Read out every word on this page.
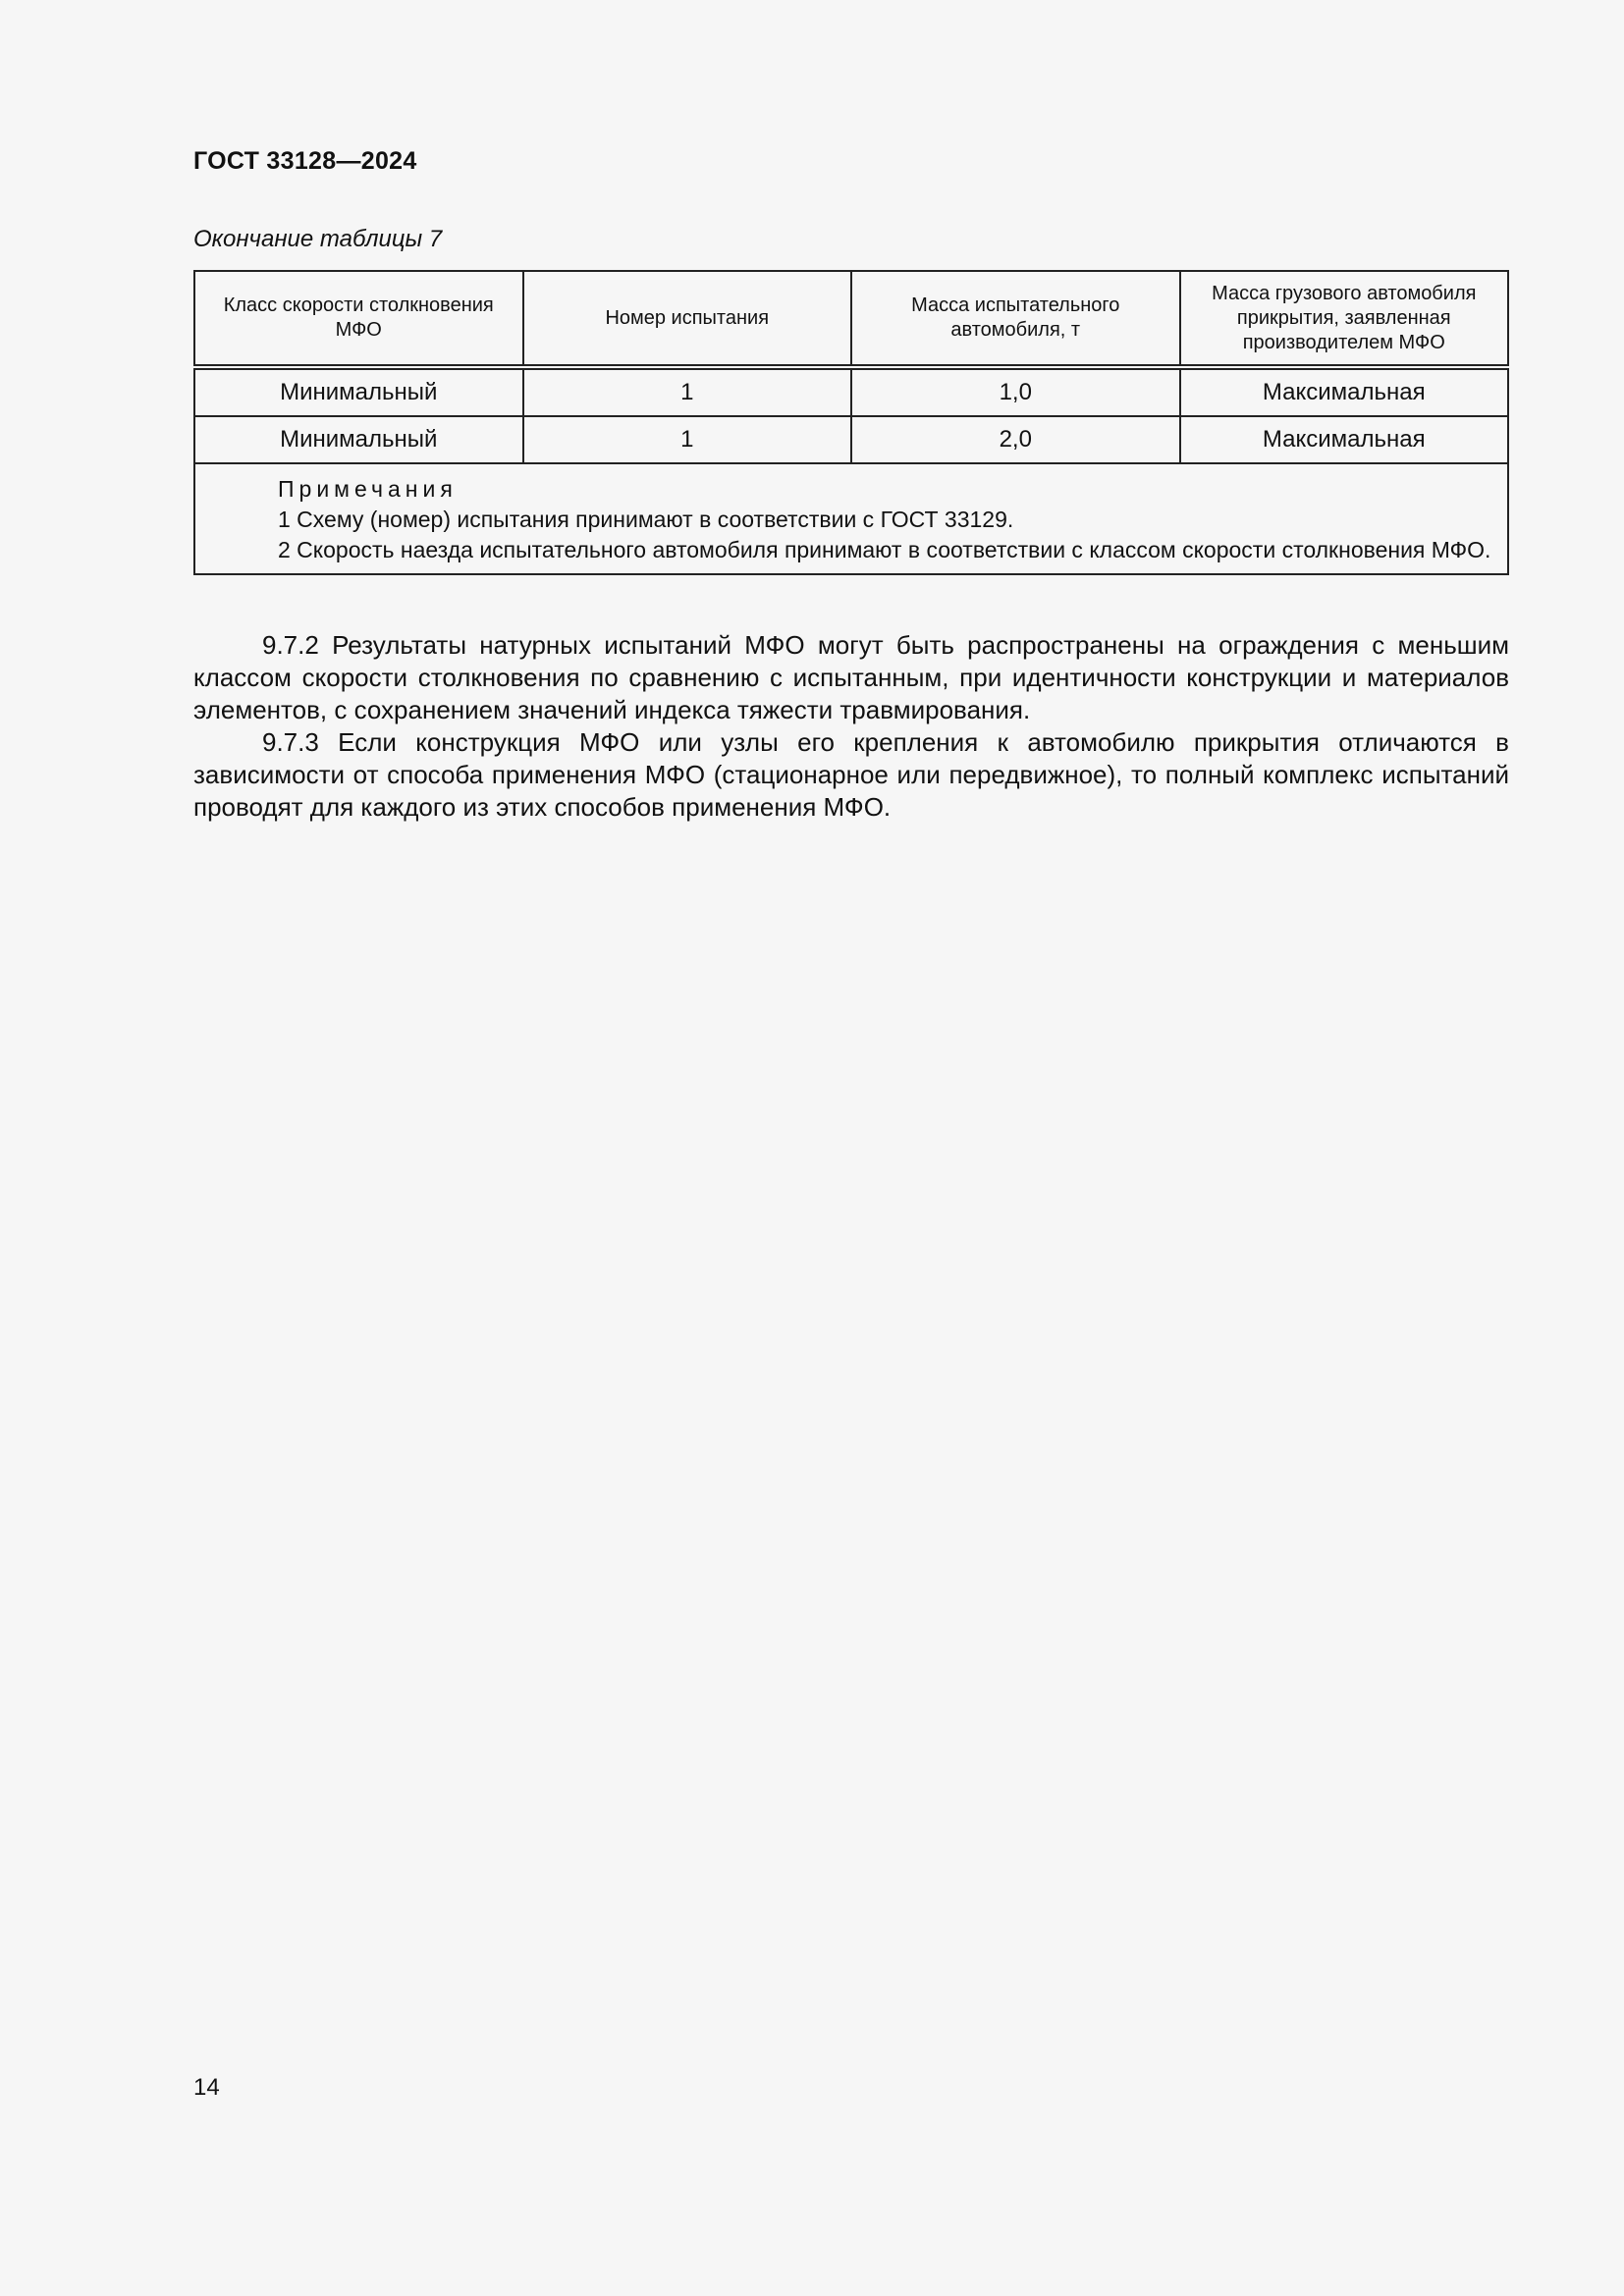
ГОСТ 33128—2024
Окончание таблицы 7
Класс скорости столкновения МФО	Номер испытания	Масса испытательного автомобиля, т	Масса грузового автомобиля прикрытия, заявленная производителем МФО
Минимальный	1	1,0	Максимальная
Минимальный	1	2,0	Максимальная

Примечания
1 Схему (номер) испытания принимают в соответствии с ГОСТ 33129.
2 Скорость наезда испытательного автомобиля принимают в соответствии с классом скорости столкновения МФО.			

9.7.2 Результаты натурных испытаний МФО могут быть распространены на ограждения с меньшим классом скорости столкновения по сравнению с испытанным, при идентичности конструкции и материалов элементов, с сохранением значений индекса тяжести травмирования.

9.7.3 Если конструкция МФО или узлы его крепления к автомобилю прикрытия отличаются в зависимости от способа применения МФО (стационарное или передвижное), то полный комплекс испытаний проводят для каждого из этих способов применения МФО.

14
